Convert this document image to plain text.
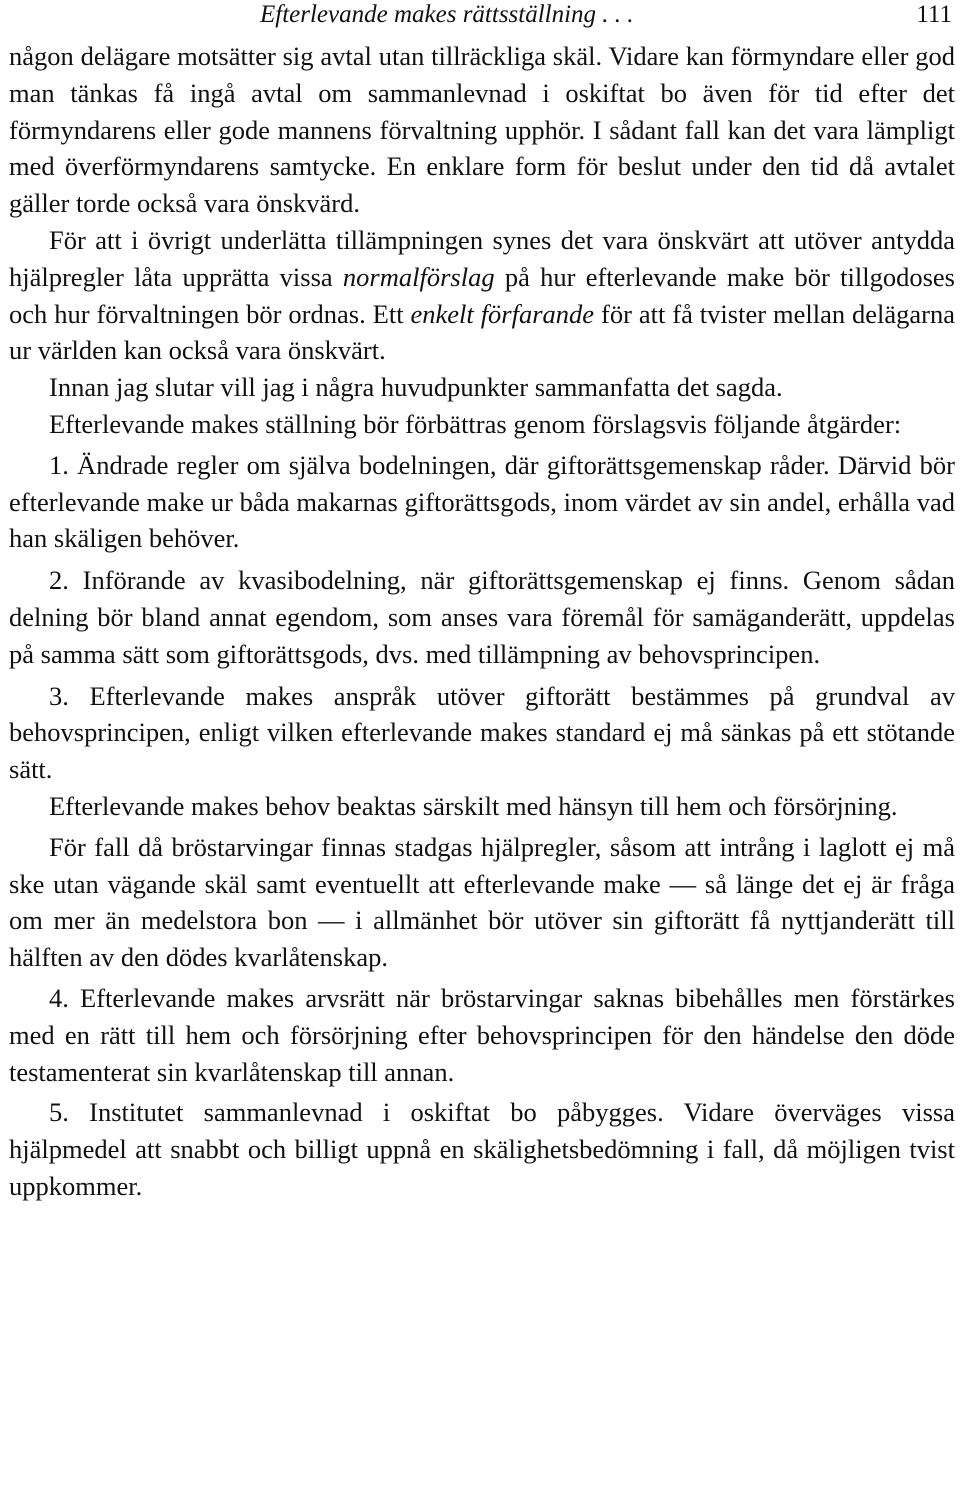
Efterlevande makes rättsställning . . .	111

någon delägare motsätter sig avtal utan tillräckliga skäl. Vidare kan förmyndare eller god man tänkas få ingå avtal om sammanlevnad i oskiftat bo även för tid efter det förmyndarens eller gode mannens förvaltning upphör. I sådant fall kan det vara lämpligt med överförmyndarens samtycke. En enklare form för beslut under den tid då avtalet gäller torde också vara önskvärd.

För att i övrigt underlätta tillämpningen synes det vara önskvärt att utöver antydda hjälpregler låta upprätta vissa normalförslag på hur efterlevande make bör tillgodoses och hur förvaltningen bör ordnas. Ett enkelt förfarande för att få tvister mellan delägarna ur världen kan också vara önskvärt.

Innan jag slutar vill jag i några huvudpunkter sammanfatta det sagda.

Efterlevande makes ställning bör förbättras genom förslagsvis följande åtgärder:

1. Ändrade regler om själva bodelningen, där giftorättsgemenskap råder. Därvid bör efterlevande make ur båda makarnas giftorättsgods, inom värdet av sin andel, erhålla vad han skäligen behöver.

2. Införande av kvasibodelning, när giftorättsgemenskap ej finns. Genom sådan delning bör bland annat egendom, som anses vara föremål för samäganderätt, uppdelas på samma sätt som giftorättsgods, dvs. med tillämpning av behovsprincipen.

3. Efterlevande makes anspråk utöver giftorätt bestämmes på grundval av behovsprincipen, enligt vilken efterlevande makes standard ej må sänkas på ett stötande sätt.

Efterlevande makes behov beaktas särskilt med hänsyn till hem och försörjning.

För fall då bröstarvingar finnas stadgas hjälpregler, såsom att intrång i laglott ej må ske utan vägande skäl samt eventuellt att efterlevande make — så länge det ej är fråga om mer än medelstora bon — i allmänhet bör utöver sin giftorätt få nyttjanderätt till hälften av den dödes kvarlåtenskap.

4. Efterlevande makes arvsrätt när bröstarvingar saknas bibehålles men förstärkes med en rätt till hem och försörjning efter behovsprincipen för den händelse den döde testamenterat sin kvarlåtenskap till annan.

5. Institutet sammanlevnad i oskiftat bo påbygges. Vidare överväges vissa hjälpmedel att snabbt och billigt uppnå en skälighetsbedömning i fall, då möjligen tvist uppkommer.
